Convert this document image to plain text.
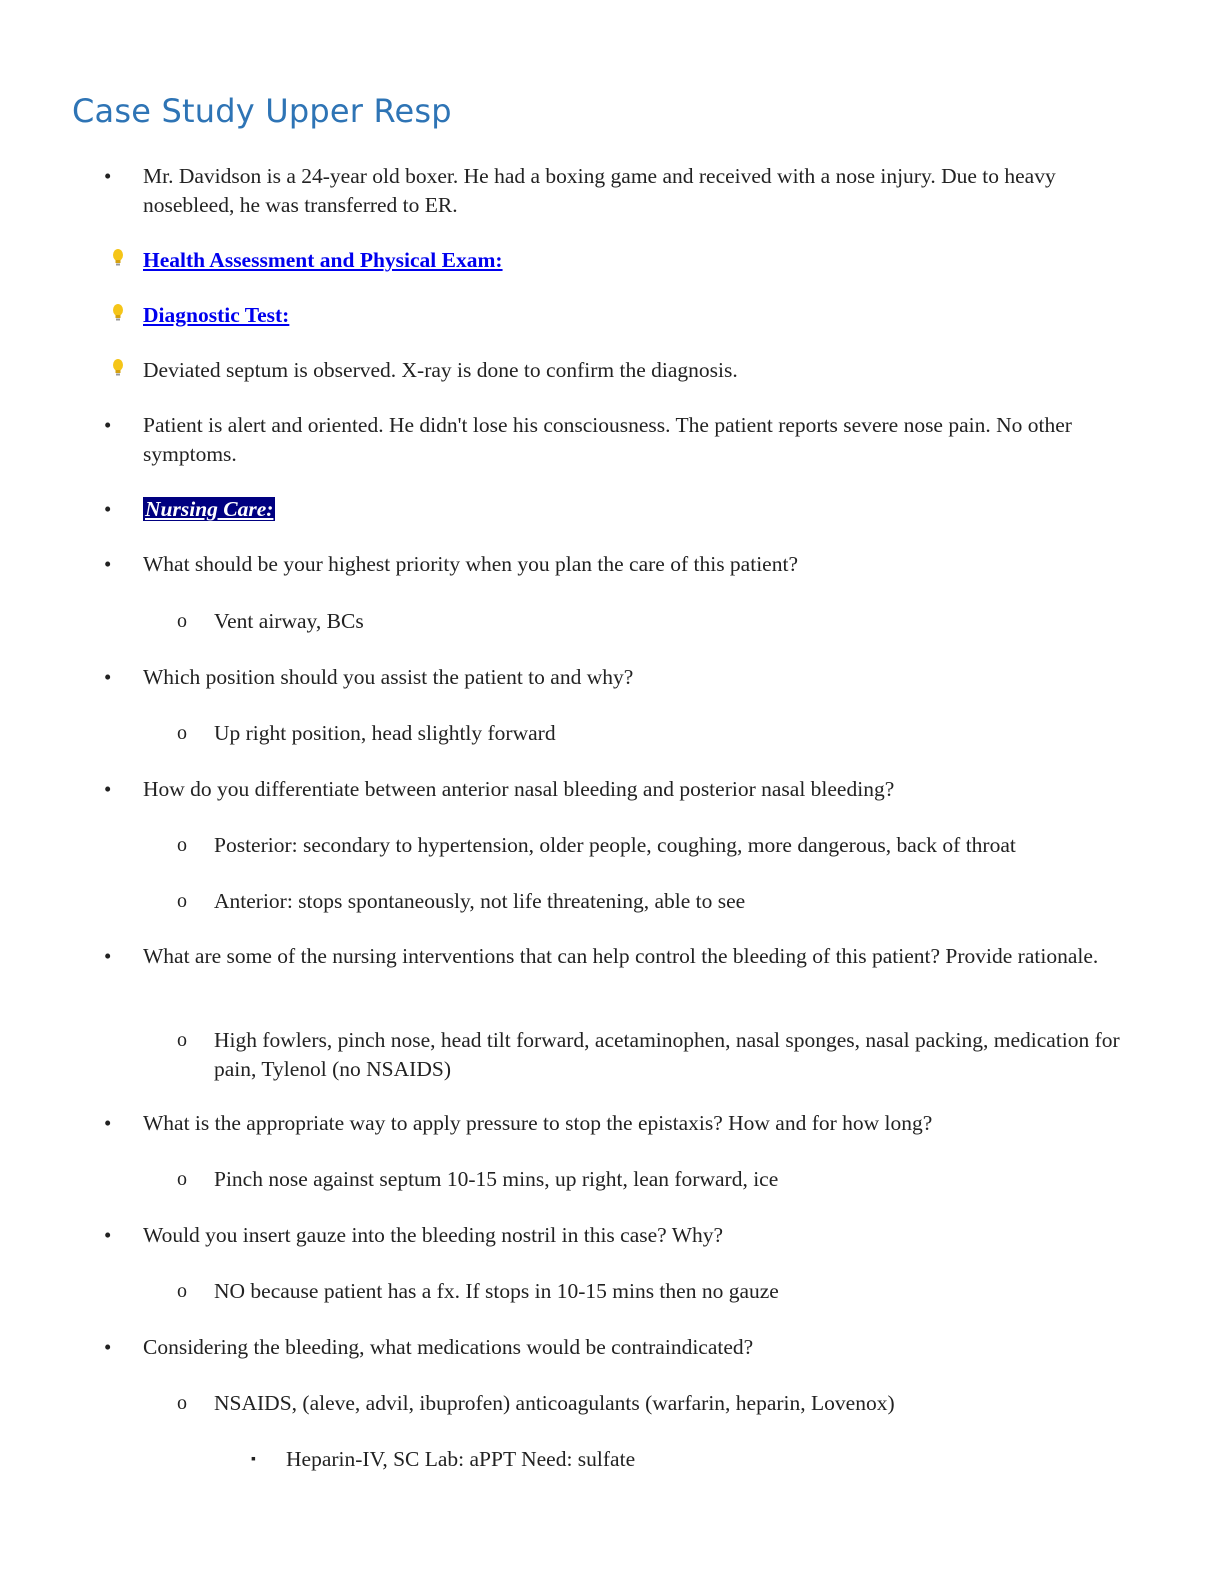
Case Study Upper Resp
• Mr. Davidson is a 24-year old boxer. He had a boxing game and received with a nose injury. Due to heavy nosebleed, he was transferred to ER.
Health Assessment and Physical Exam:
Diagnostic Test:
Deviated septum is observed. X-ray is done to confirm the diagnosis.
• Patient is alert and oriented. He didn't lose his consciousness. The patient reports severe nose pain. No other symptoms.
• Nursing Care:
• What should be your highest priority when you plan the care of this patient?
o Vent airway, BCs
• Which position should you assist the patient to and why?
o Up right position, head slightly forward
• How do you differentiate between anterior nasal bleeding and posterior nasal bleeding?
o Posterior: secondary to hypertension, older people, coughing, more dangerous, back of throat
o Anterior: stops spontaneously, not life threatening, able to see
• What are some of the nursing interventions that can help control the bleeding of this patient? Provide rationale.
o High fowlers, pinch nose, head tilt forward, acetaminophen, nasal sponges, nasal packing, medication for pain, Tylenol (no NSAIDS)
• What is the appropriate way to apply pressure to stop the epistaxis? How and for how long?
o Pinch nose against septum 10-15 mins, up right, lean forward, ice
• Would you insert gauze into the bleeding nostril in this case? Why?
o NO because patient has a fx. If stops in 10-15 mins then no gauze
• Considering the bleeding, what medications would be contraindicated?
o NSAIDS, (aleve, advil, ibuprofen) anticoagulants (warfarin, heparin, Lovenox)
▪ Heparin-IV, SC Lab: aPPT Need: sulfate
